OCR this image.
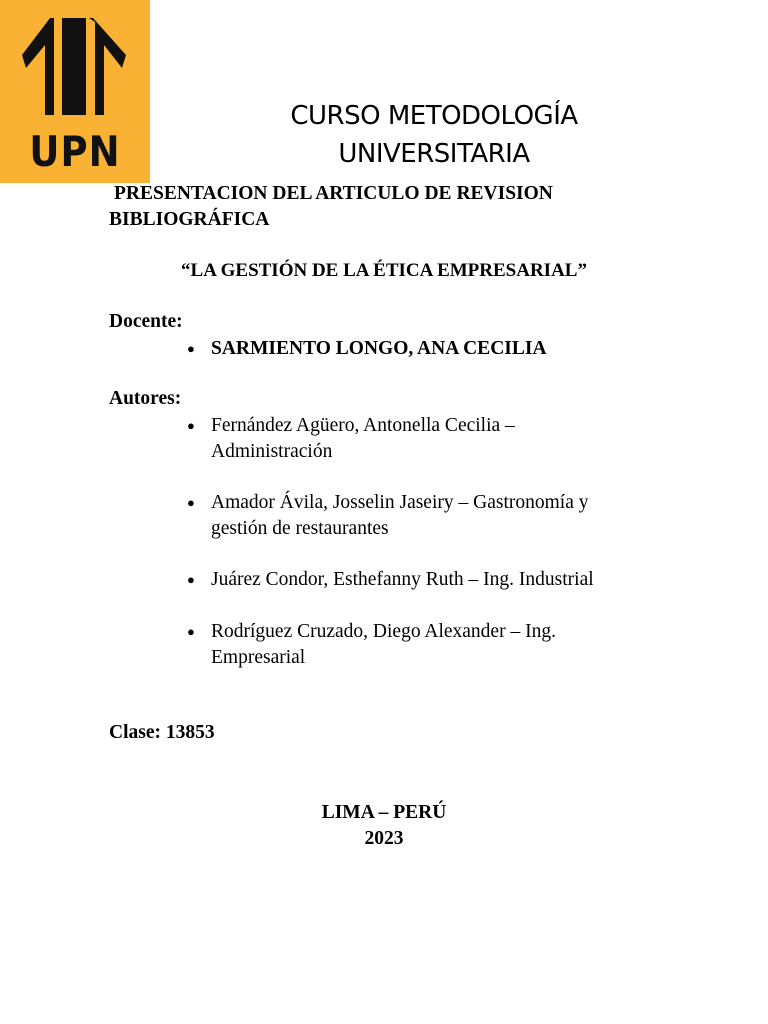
UPN
CURSO METODOLOGÍA
UNIVERSITARIA
PRESENTACION DEL ARTICULO DE REVISION
BIBLIOGRÁFICA
“LA GESTIÓN DE LA ÉTICA EMPRESARIAL”
Docente:
● SARMIENTO LONGO, ANA CECILIA
Autores:
● Fernández Agüero, Antonella Cecilia –
Administración
● Amador Ávila, Josselin Jaseiry – Gastronomía y
gestión de restaurantes
● Juárez Condor, Esthefanny Ruth – Ing. Industrial
● Rodríguez Cruzado, Diego Alexander – Ing.
Empresarial
Clase: 13853
LIMA – PERÚ
2023
